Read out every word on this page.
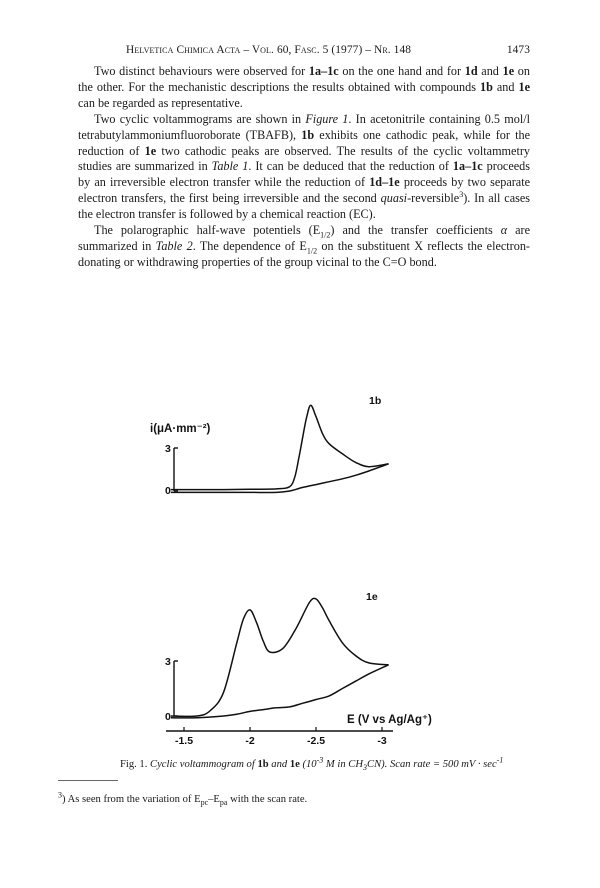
Helvetica Chimica Acta – Vol. 60, Fasc. 5 (1977) – Nr. 148	1473

Two distinct behaviours were observed for 1a–1c on the one hand and for 1d and 1e on the other. For the mechanistic descriptions the results obtained with compounds 1b and 1e can be regarded as representative.

Two cyclic voltammograms are shown in Figure 1. In acetonitrile containing 0.5 mol/l tetrabutylammoniumfluoroborate (TBAFB), 1b exhibits one cathodic peak, while for the reduction of 1e two cathodic peaks are observed. The results of the cyclic voltammetry studies are summarized in Table 1. It can be deduced that the reduction of 1a–1c proceeds by an irreversible electron transfer while the reduction of 1d–1e proceeds by two separate electron transfers, the first being irreversible and the second quasi-reversible$^3$). In all cases the electron transfer is followed by a chemical reaction (EC).

The polarographic half-wave potentiels $(E_{1/2})$ and the transfer coefficients α are summarized in Table 2. The dependence of $E_{1/2}$ on the substituent X reflects the electron-donating or withdrawing properties of the group vicinal to the C=O bond.

i(μA·mm⁻²)
3
0
1b
3
0
1e
-1.5	-2	-2.5	-3
E (V vs Ag/Ag⁺)
Fig. 1. Cyclic voltammogram of 1b and 1e ($10^{-3}$ M in $CH_3CN$). Scan rate = 500 mV · $\sec^{-1}$
$^3$) As seen from the variation of $E_{pc}-E_{pa}$ with the scan rate.
